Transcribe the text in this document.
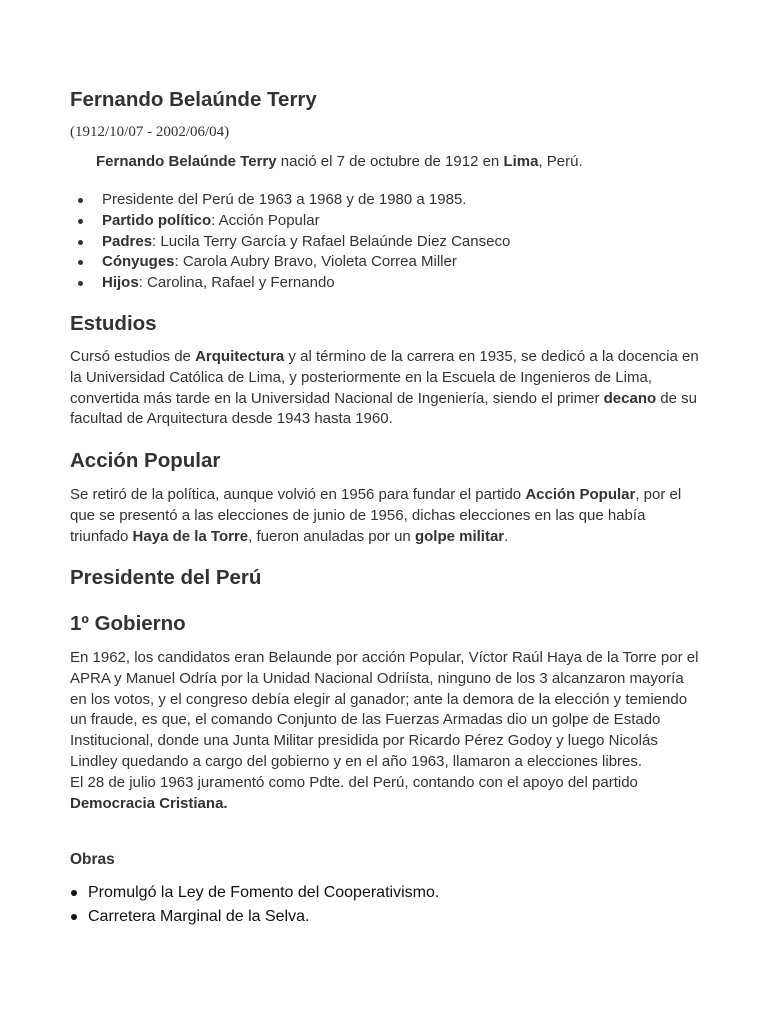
Fernando Belaúnde Terry
(1912/10/07 - 2002/06/04)
Fernando Belaúnde Terry nació el 7 de octubre de 1912 en Lima, Perú.
Presidente del Perú de 1963 a 1968 y de 1980 a 1985.
Partido político: Acción Popular
Padres: Lucila Terry García y Rafael Belaúnde Diez Canseco
Cónyuges: Carola Aubry Bravo, Violeta Correa Miller
Hijos: Carolina, Rafael y Fernando
Estudios

Cursó estudios de Arquitectura y al término de la carrera en 1935, se dedicó a la docencia en la Universidad Católica de Lima, y posteriormente en la Escuela de Ingenieros de Lima, convertida más tarde en la Universidad Nacional de Ingeniería, siendo el primer decano de su facultad de Arquitectura desde 1943 hasta 1960.

Acción Popular

Se retiró de la política, aunque volvió en 1956 para fundar el partido Acción Popular, por el que se presentó a las elecciones de junio de 1956, dichas elecciones en las que había triunfado Haya de la Torre, fueron anuladas por un golpe militar.

Presidente del Perú
1º Gobierno

En 1962, los candidatos eran Belaunde por acción Popular, Víctor Raúl Haya de la Torre por el APRA y Manuel Odría por la Unidad Nacional Odriísta, ninguno de los 3 alcanzaron mayoría en los votos, y el congreso debía elegir al ganador; ante la demora de la elección y temiendo un fraude, es que, el comando Conjunto de las Fuerzas Armadas dio un golpe de Estado Institucional, donde una Junta Militar presidida por Ricardo Pérez Godoy y luego Nicolás Lindley quedando a cargo del gobierno y en el año 1963, llamaron a elecciones libres.
El 28 de julio 1963 juramentó como Pdte. del Perú, contando con el apoyo del partido Democracia Cristiana.

Obras
Promulgó la Ley de Fomento del Cooperativismo.
Carretera Marginal de la Selva.
